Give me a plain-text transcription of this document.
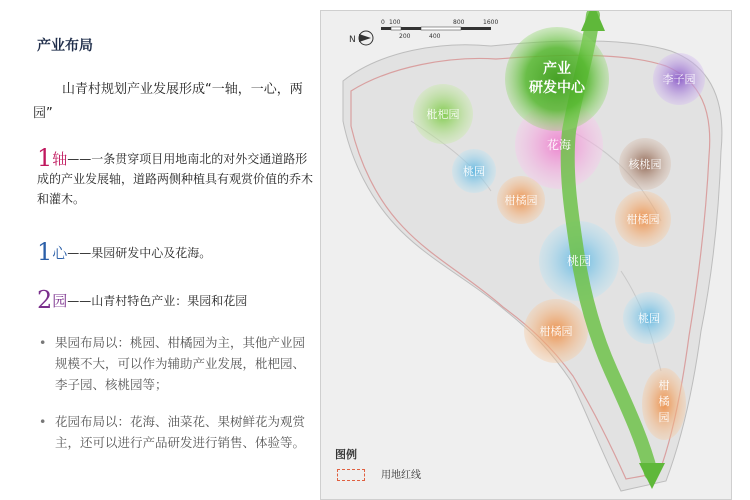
产业布局
山青村规划产业发展形成“一轴，一心，两园”
1轴——一条贯穿项目用地南北的对外交通道路形成的产业发展轴，道路两侧种植具有观赏价值的乔木和灌木。
1心——果园研发中心及花海。
2园——山青村特色产业：果园和花园
• 果园布局以：桃园、柑橘园为主，其他产业园规模不大，可以作为辅助产业发展，枇杷园、李子园、核桃园等；
• 花园布局以：花海、油菜花、果树鲜花为观赏主，还可以进行产品研发进行销售、体验等。
产业
研发中心
李子园
枇杷园
花海
核桃园
桃园
柑橘园
柑橘园
桃园
桃园
柑橘园
柑
橘
园
N
0 100
200	400
800	1600
图例
用地红线
